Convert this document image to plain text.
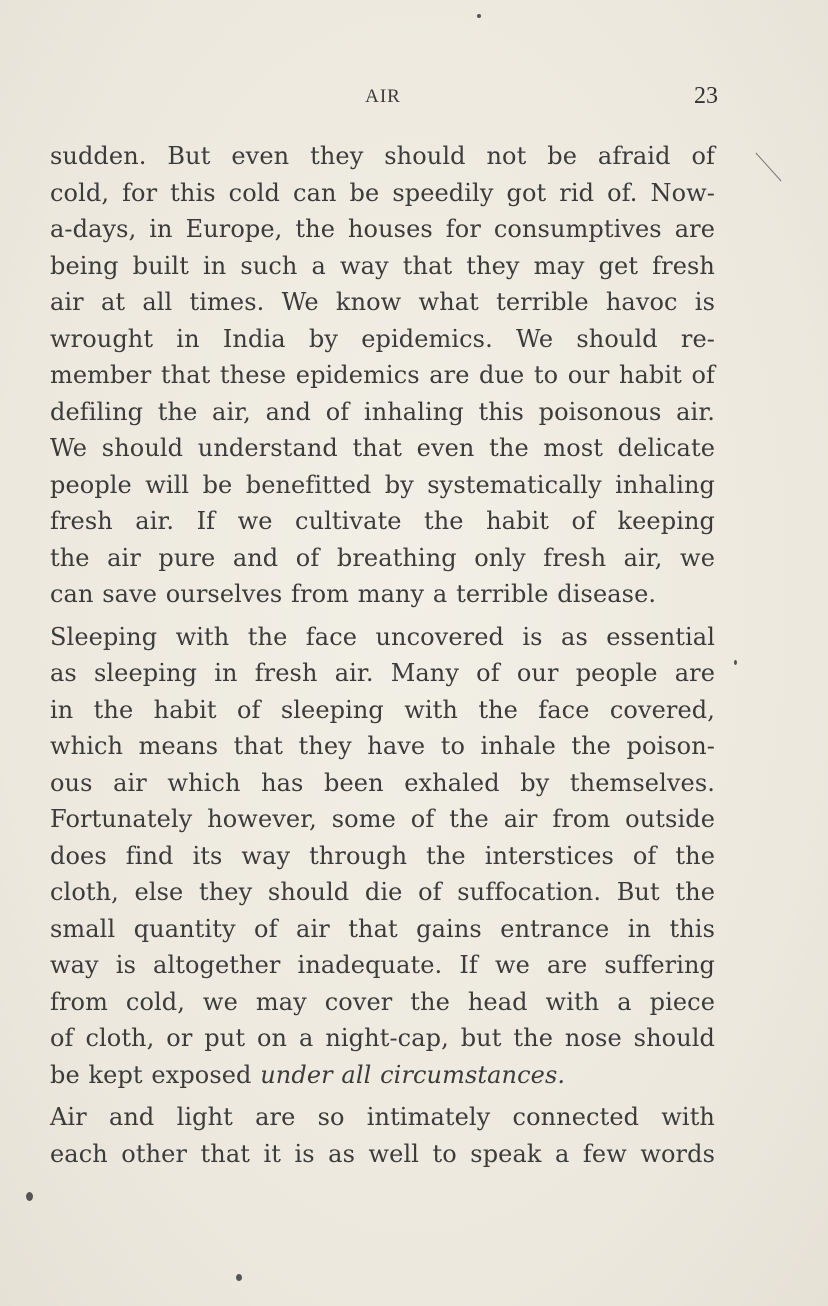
AIR	23
sudden. But even they should not be afraid of
cold, for this cold can be speedily got rid of. Now-
a-days, in Europe, the houses for consumptives are
being built in such a way that they may get fresh
air at all times. We know what terrible havoc is
wrought in India by epidemics. We should re-
member that these epidemics are due to our habit of
defiling the air, and of inhaling this poisonous air.
We should understand that even the most delicate
people will be benefitted by systematically inhaling
fresh air. If we cultivate the habit of keeping
the air pure and of breathing only fresh air, we
can save ourselves from many a terrible disease.
Sleeping with the face uncovered is as essential
as sleeping in fresh air. Many of our people are
in the habit of sleeping with the face covered,
which means that they have to inhale the poison-
ous air which has been exhaled by themselves.
Fortunately however, some of the air from outside
does find its way through the interstices of the
cloth, else they should die of suffocation. But the
small quantity of air that gains entrance in this
way is altogether inadequate. If we are suffering
from cold, we may cover the head with a piece
of cloth, or put on a night-cap, but the nose should
be kept exposed under all circumstances.
Air and light are so intimately connected with
each other that it is as well to speak a few words
